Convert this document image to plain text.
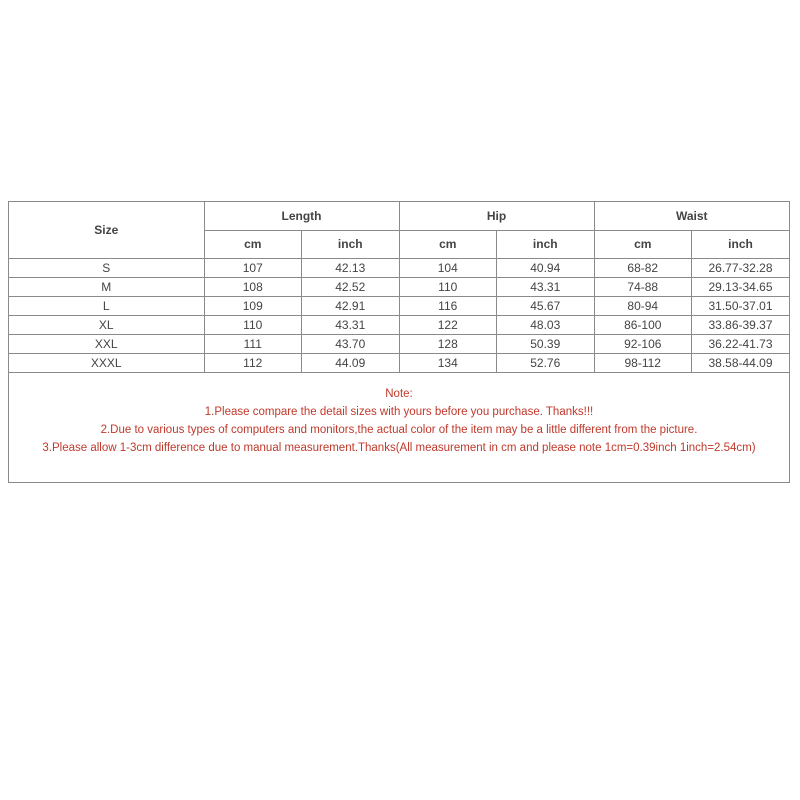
Size	Length		Hip		Waist	
	cm	inch	cm	inch	cm	inch
S	107	42.13	104	40.94	68-82	26.77-32.28
M	108	42.52	110	43.31	74-88	29.13-34.65
L	109	42.91	116	45.67	80-94	31.50-37.01
XL	110	43.31	122	48.03	86-100	33.86-39.37
XXL	111	43.70	128	50.39	92-106	36.22-41.73
XXXL	112	44.09	134	52.76	98-112	38.58-44.09
Note:
1.Please compare the detail sizes with yours before you purchase. Thanks!!!
2.Due to various types of computers and monitors,the actual color of the item may be a little different from the picture.
3.Please allow 1-3cm difference due to manual measurement.Thanks(All measurement in cm and please note 1cm=0.39inch 1inch=2.54cm)
